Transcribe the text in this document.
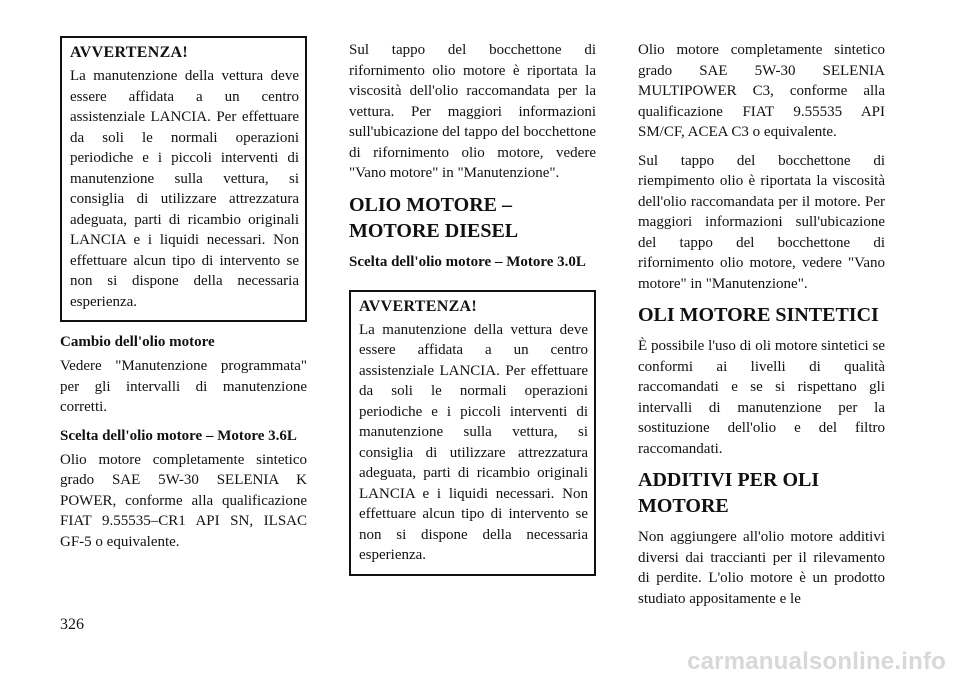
AVVERTENZA!

La manutenzione della vettura deve essere affidata a un centro assistenziale LANCIA. Per effettuare da soli le normali operazioni periodiche e i piccoli interventi di manutenzione sulla vettura, si consiglia di utilizzare attrezzatura adeguata, parti di ricambio originali LANCIA e i liquidi necessari. Non effettuare alcun tipo di intervento se non si dispone della necessaria esperienza.

Cambio dell'olio motore

Vedere "Manutenzione programmata" per gli intervalli di manutenzione corretti.

Scelta dell'olio motore – Motore 3.6L

Olio motore completamente sintetico grado SAE 5W-30 SELENIA K POWER, conforme alla qualificazione FIAT 9.55535–CR1 API SN, ILSAC GF-5 o equivalente.

Sul tappo del bocchettone di rifornimento olio motore è riportata la viscosità dell'olio raccomandata per la vettura. Per maggiori informazioni sull'ubicazione del tappo del bocchettone di rifornimento olio motore, vedere "Vano motore" in "Manutenzione".

OLIO MOTORE – MOTORE DIESEL
Scelta dell'olio motore – Motore 3.0L
AVVERTENZA!

La manutenzione della vettura deve essere affidata a un centro assistenziale LANCIA. Per effettuare da soli le normali operazioni periodiche e i piccoli interventi di manutenzione sulla vettura, si consiglia di utilizzare attrezzatura adeguata, parti di ricambio originali LANCIA e i liquidi necessari. Non effettuare alcun tipo di intervento se non si dispone della necessaria esperienza.

Olio motore completamente sintetico grado SAE 5W-30 SELENIA MULTIPOWER C3, conforme alla qualificazione FIAT 9.55535 API SM/CF, ACEA C3 o equivalente.

Sul tappo del bocchettone di riempimento olio è riportata la viscosità dell'olio raccomandata per il motore. Per maggiori informazioni sull'ubicazione del tappo del bocchettone di rifornimento olio motore, vedere "Vano motore" in "Manutenzione".

OLI MOTORE SINTETICI

È possibile l'uso di oli motore sintetici se conformi ai livelli di qualità raccomandati e se si rispettano gli intervalli di manutenzione per la sostituzione dell'olio e del filtro raccomandati.

ADDITIVI PER OLI MOTORE

Non aggiungere all'olio motore additivi diversi dai traccianti per il rilevamento di perdite. L'olio motore è un prodotto studiato appositamente e le

326
carmanualsonline.info
